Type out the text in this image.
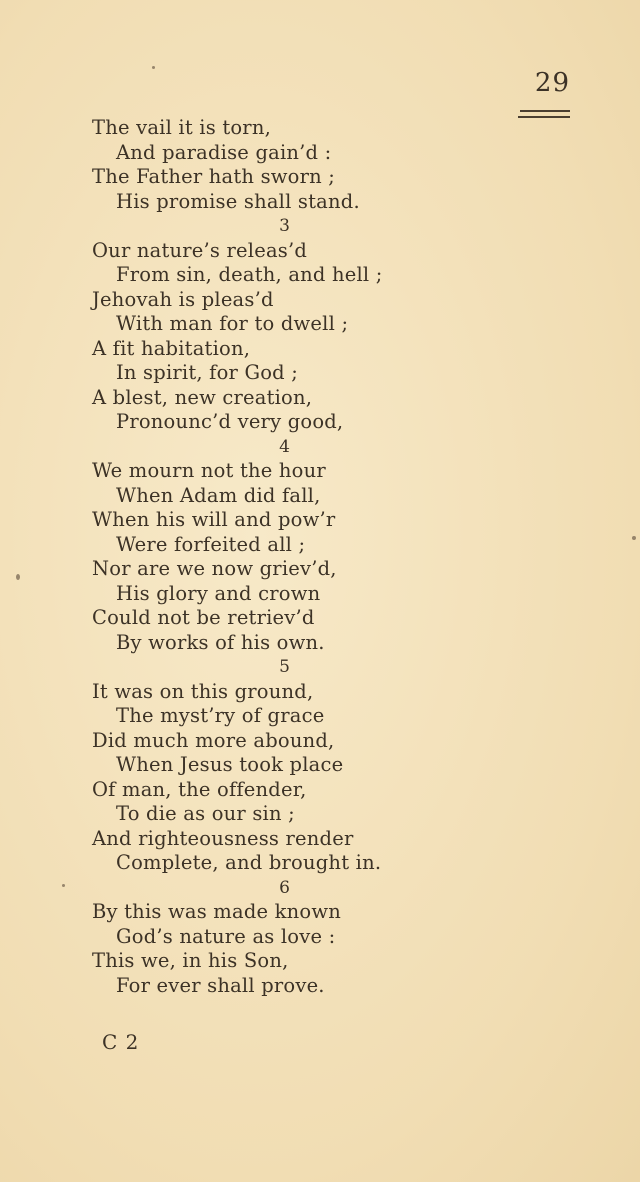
29
The vail it is torn,
And paradise gain’d :
The Father hath sworn ;
His promise shall stand.
3
Our nature’s releas’d
From sin, death, and hell ;
Jehovah is pleas’d
With man for to dwell ;
A fit habitation,
In spirit, for God ;
A blest, new creation,
Pronounc’d very good,
4
We mourn not the hour
When Adam did fall,
When his will and pow’r
Were forfeited all ;
Nor are we now griev’d,
His glory and crown
Could not be retriev’d
By works of his own.
5
It was on this ground,
The myst’ry of grace
Did much more abound,
When Jesus took place
Of man, the offender,
To die as our sin ;
And righteousness render
Complete, and brought in.
6
By this was made known
God’s nature as love :
This we, in his Son,
For ever shall prove.
C 2
